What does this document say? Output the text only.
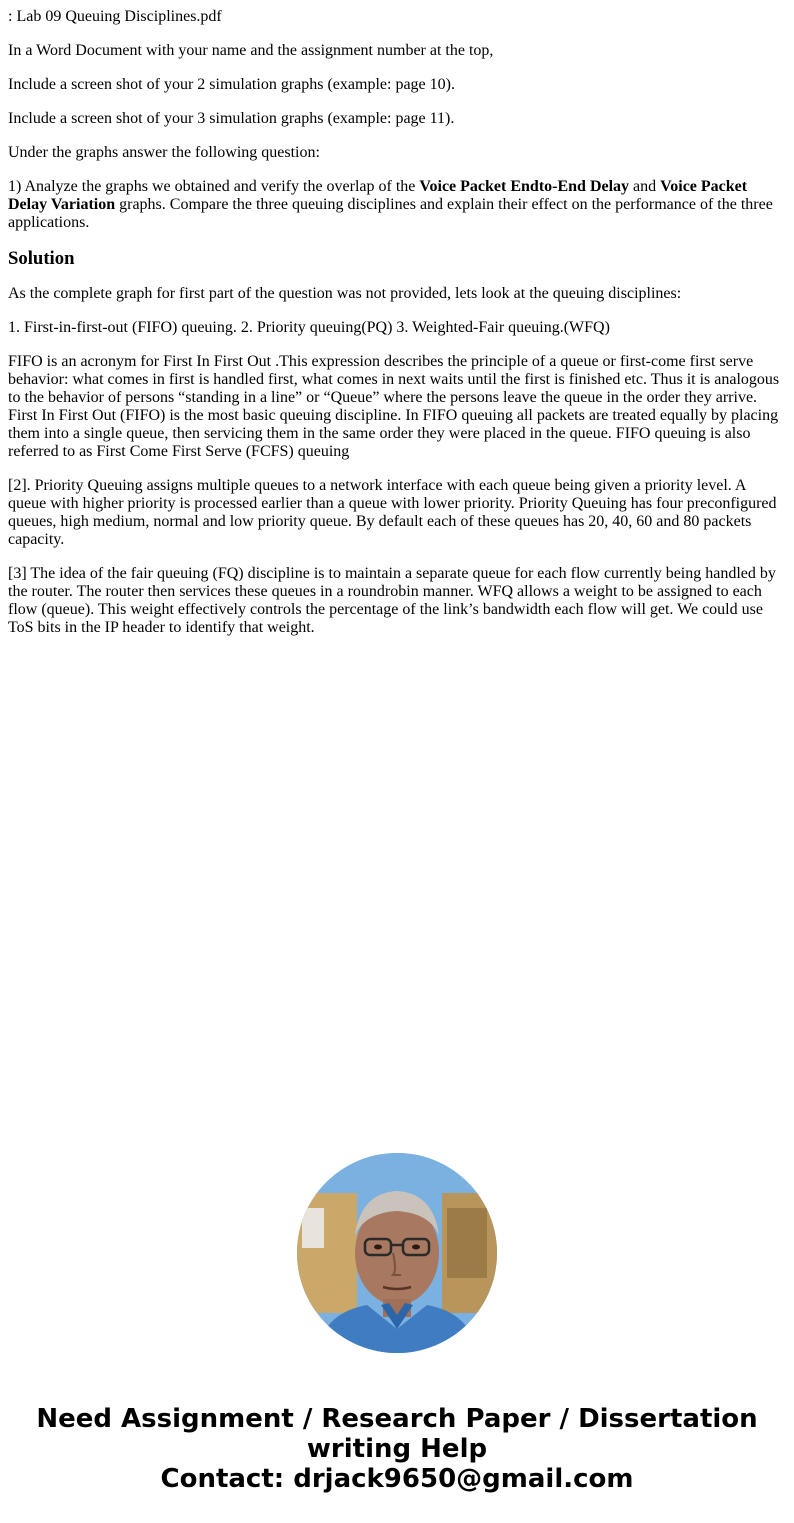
: Lab 09 Queuing Disciplines.pdf

In a Word Document with your name and the assignment number at the top,

Include a screen shot of your 2 simulation graphs (example: page 10).

Include a screen shot of your 3 simulation graphs (example: page 11).

Under the graphs answer the following question:

1) Analyze the graphs we obtained and verify the overlap of the Voice Packet Endto-End Delay and Voice Packet Delay Variation graphs. Compare the three queuing disciplines and explain their effect on the performance of the three applications.

Solution

As the complete graph for first part of the question was not provided, lets look at the queuing disciplines:

1. First-in-first-out (FIFO) queuing. 2. Priority queuing(PQ) 3. Weighted-Fair queuing.(WFQ)

FIFO is an acronym for First In First Out .This expression describes the principle of a queue or first-come first serve behavior: what comes in first is handled first, what comes in next waits until the first is finished etc. Thus it is analogous to the behavior of persons “standing in a line” or “Queue” where the persons leave the queue in the order they arrive. First In First Out (FIFO) is the most basic queuing discipline. In FIFO queuing all packets are treated equally by placing them into a single queue, then servicing them in the same order they were placed in the queue. FIFO queuing is also referred to as First Come First Serve (FCFS) queuing

[2]. Priority Queuing assigns multiple queues to a network interface with each queue being given a priority level. A queue with higher priority is processed earlier than a queue with lower priority. Priority Queuing has four preconfigured queues, high medium, normal and low priority queue. By default each of these queues has 20, 40, 60 and 80 packets capacity.

[3] The idea of the fair queuing (FQ) discipline is to maintain a separate queue for each flow currently being handled by the router. The router then services these queues in a roundrobin manner. WFQ allows a weight to be assigned to each flow (queue). This weight effectively controls the percentage of the link’s bandwidth each flow will get. We could use ToS bits in the IP header to identify that weight.

Need Assignment / Research Paper / Dissertation
writing Help
Contact: drjack9650@gmail.com
